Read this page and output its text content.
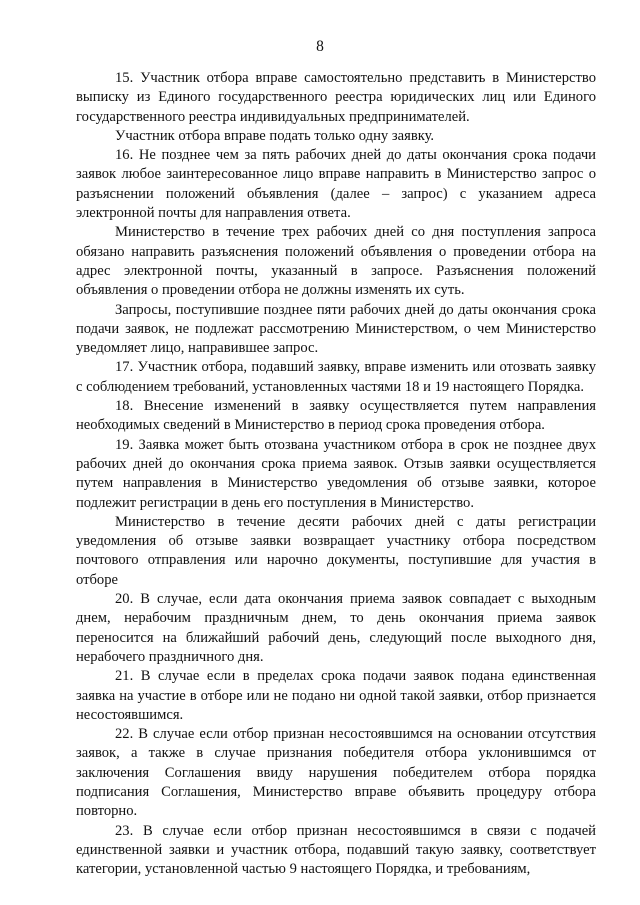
8

15. Участник отбора вправе самостоятельно представить в Министерство выписку из Единого государственного реестра юридических лиц или Единого государственного реестра индивидуальных предпринимателей.

Участник отбора вправе подать только одну заявку.

16. Не позднее чем за пять рабочих дней до даты окончания срока подачи заявок любое заинтересованное лицо вправе направить в Министерство запрос о разъяснении положений объявления (далее – запрос) с указанием адреса электронной почты для направления ответа.

Министерство в течение трех рабочих дней со дня поступления запроса обязано направить разъяснения положений объявления о проведении отбора на адрес электронной почты, указанный в запросе. Разъяснения положений объявления о проведении отбора не должны изменять их суть.

Запросы, поступившие позднее пяти рабочих дней до даты окончания срока подачи заявок, не подлежат рассмотрению Министерством, о чем Министерство уведомляет лицо, направившее запрос.

17. Участник отбора, подавший заявку, вправе изменить или отозвать заявку с соблюдением требований, установленных частями 18 и 19 настоящего Порядка.

18. Внесение изменений в заявку осуществляется путем направления необходимых сведений в Министерство в период срока проведения отбора.

19. Заявка может быть отозвана участником отбора в срок не позднее двух рабочих дней до окончания срока приема заявок. Отзыв заявки осуществляется путем направления в Министерство уведомления об отзыве заявки, которое подлежит регистрации в день его поступления в Министерство.

Министерство в течение десяти рабочих дней с даты регистрации уведомления об отзыве заявки возвращает участнику отбора посредством почтового отправления или нарочно документы, поступившие для участия в отборе

20. В случае, если дата окончания приема заявок совпадает с выходным днем, нерабочим праздничным днем, то день окончания приема заявок переносится на ближайший рабочий день, следующий после выходного дня, нерабочего праздничного дня.

21. В случае если в пределах срока подачи заявок подана единственная заявка на участие в отборе или не подано ни одной такой заявки, отбор признается несостоявшимся.

22. В случае если отбор признан несостоявшимся на основании отсутствия заявок, а также в случае признания победителя отбора уклонившимся от заключения Соглашения ввиду нарушения победителем отбора порядка подписания Соглашения, Министерство вправе объявить процедуру отбора повторно.

23. В случае если отбор признан несостоявшимся в связи с подачей единственной заявки и участник отбора, подавший такую заявку, соответствует категории, установленной частью 9 настоящего Порядка, и требованиям,
